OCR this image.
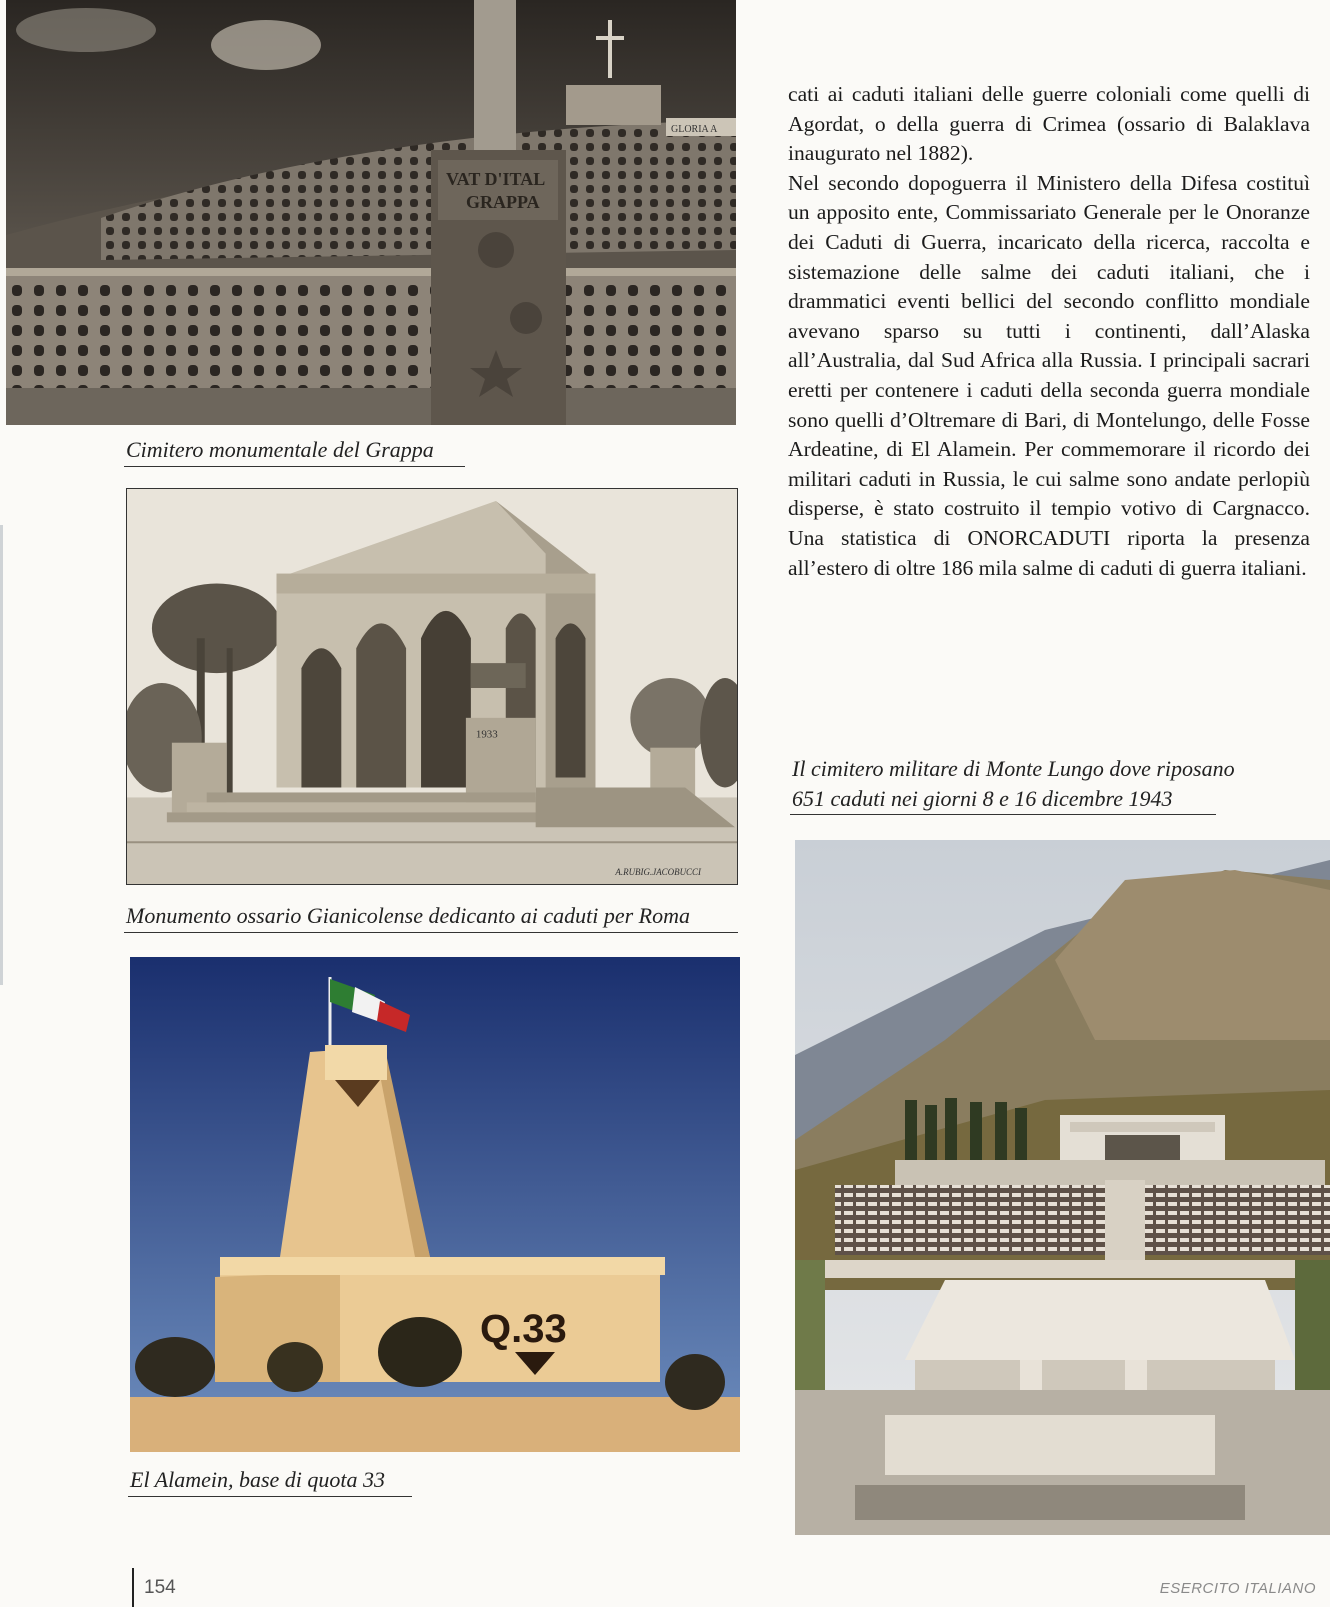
GLORIA A
VAT D'ITAL
GRAPPA
Cimitero monumentale del Grappa
1933
A.RUBIG.JACOBUCCI
Monumento ossario Gianicolense dedicanto ai caduti per Roma
Q.33
El Alamein, base di quota 33

cati ai caduti italiani delle guerre coloniali come quelli di Agordat, o della guerra di Crimea (ossario di Balaklava inaugurato nel 1882).

Nel secondo dopoguerra il Ministero della Difesa costituì un apposito ente, Commissariato Generale per le Onoranze dei Caduti di Guerra, incaricato della ricerca, raccolta e sistemazione delle salme dei caduti italiani, che i drammatici eventi bellici del secondo conflitto mondiale avevano sparso su tutti i continenti, dall’Alaska all’Australia, dal Sud Africa alla Russia. I principali sacrari eretti per contenere i caduti della seconda guerra mondiale sono quelli d’Oltremare di Bari, di Montelungo, delle Fosse Ardeatine, di El Alamein. Per commemorare il ricordo dei militari caduti in Russia, le cui salme sono andate perlopiù disperse, è stato costruito il tempio votivo di Cargnacco. Una statistica di ONORCADUTI riporta la presenza all’estero di oltre 186 mila salme di caduti di guerra italiani.

Il cimitero militare di Monte Lungo dove riposano
651 caduti nei giorni 8 e 16 dicembre 1943
154	ESERCITO ITALIANO
